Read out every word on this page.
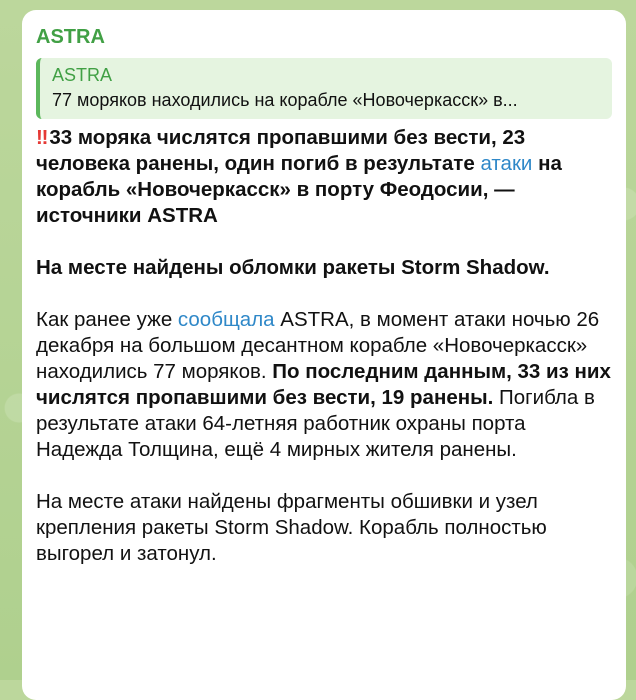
ASTRA
ASTRA
77 моряков находились на корабле «Новочеркасск» в...
‼ 33 моряка числятся пропавшими без вести, 23 человека ранены, один погиб в результате атаки на корабль «Новочеркасск» в порту Феодосии, — источники ASTRA
На месте найдены обломки ракеты Storm Shadow.
Как ранее уже сообщала ASTRA, в момент атаки ночью 26 декабря на большом десантном корабле «Новочеркасск» находились 77 моряков. По последним данным, 33 из них числятся пропавшими без вести, 19 ранены. Погибла в результате атаки 64-летняя работник охраны порта Надежда Толщина, ещё 4 мирных жителя ранены.
На месте атаки найдены фрагменты обшивки и узел крепления ракеты Storm Shadow. Корабль полностью выгорел и затонул.
